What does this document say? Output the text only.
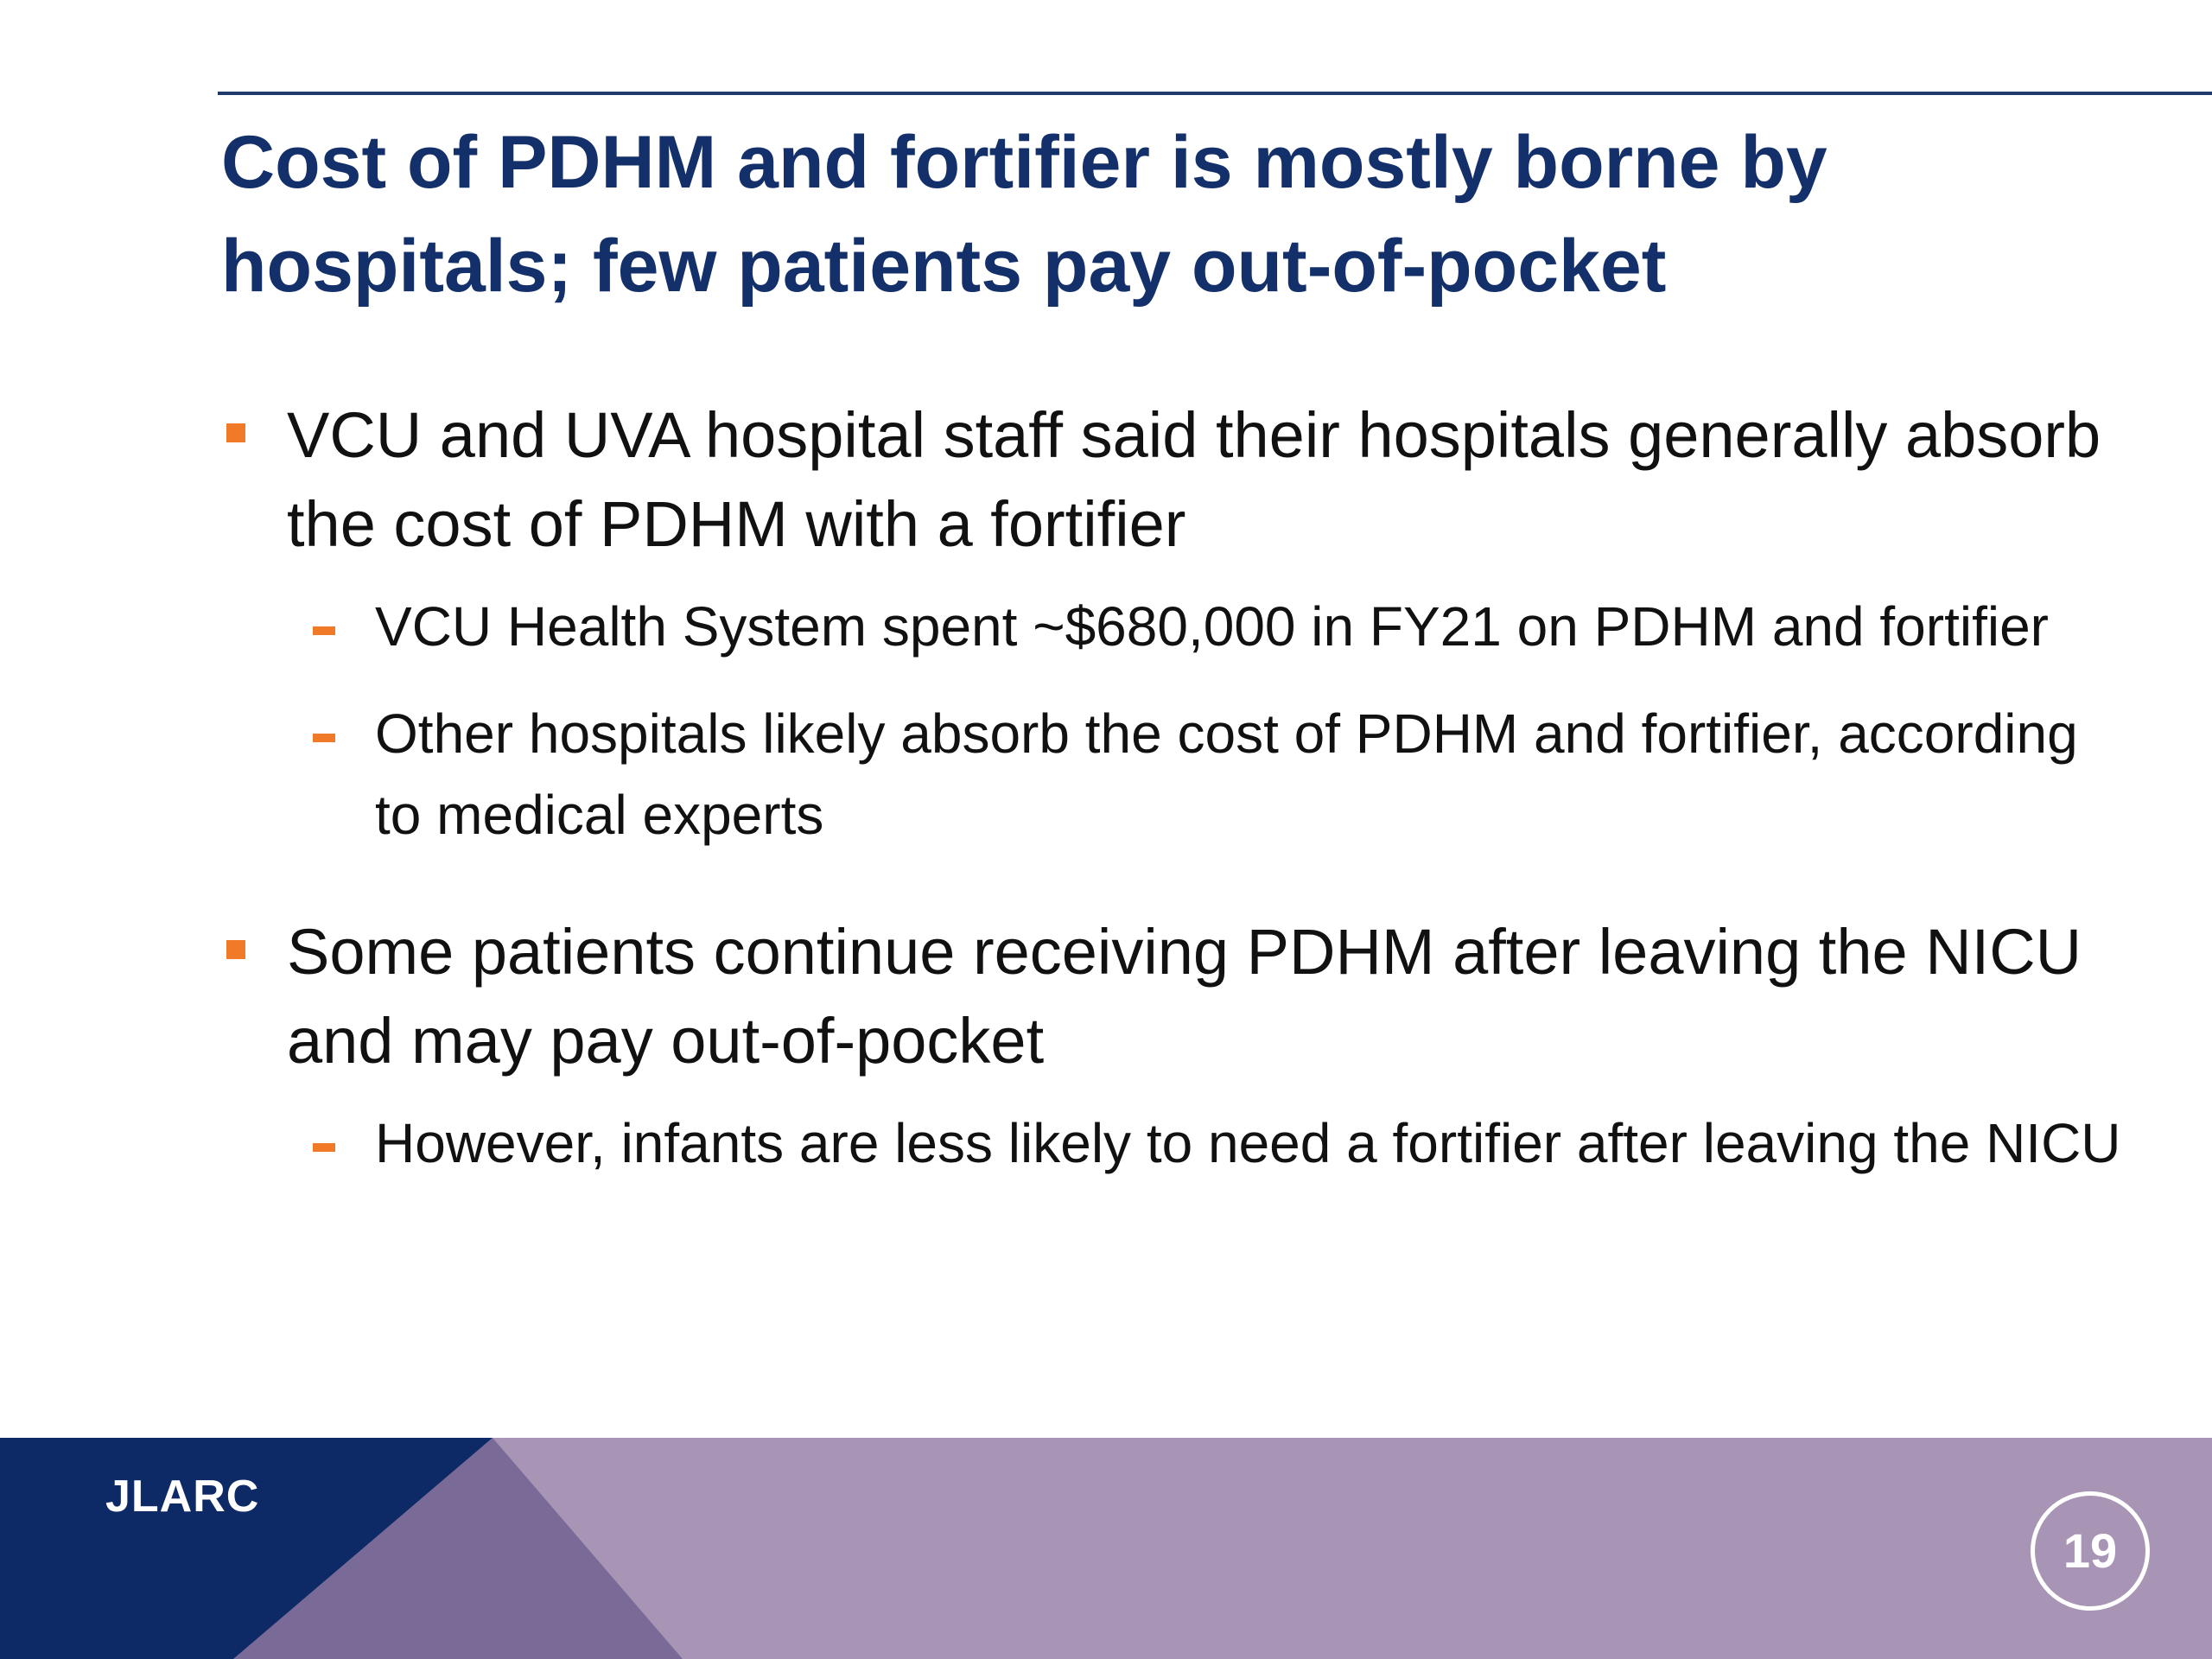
Cost of PDHM and fortifier is mostly borne by hospitals; few patients pay out-of-pocket
VCU and UVA hospital staff said their hospitals generally absorb the cost of PDHM with a fortifier
VCU Health System spent ~$680,000 in FY21 on PDHM and fortifier
Other hospitals likely absorb the cost of PDHM and fortifier, according to medical experts
Some patients continue receiving PDHM after leaving the NICU and may pay out-of-pocket
However, infants are less likely to need a fortifier after leaving the NICU
JLARC
19
